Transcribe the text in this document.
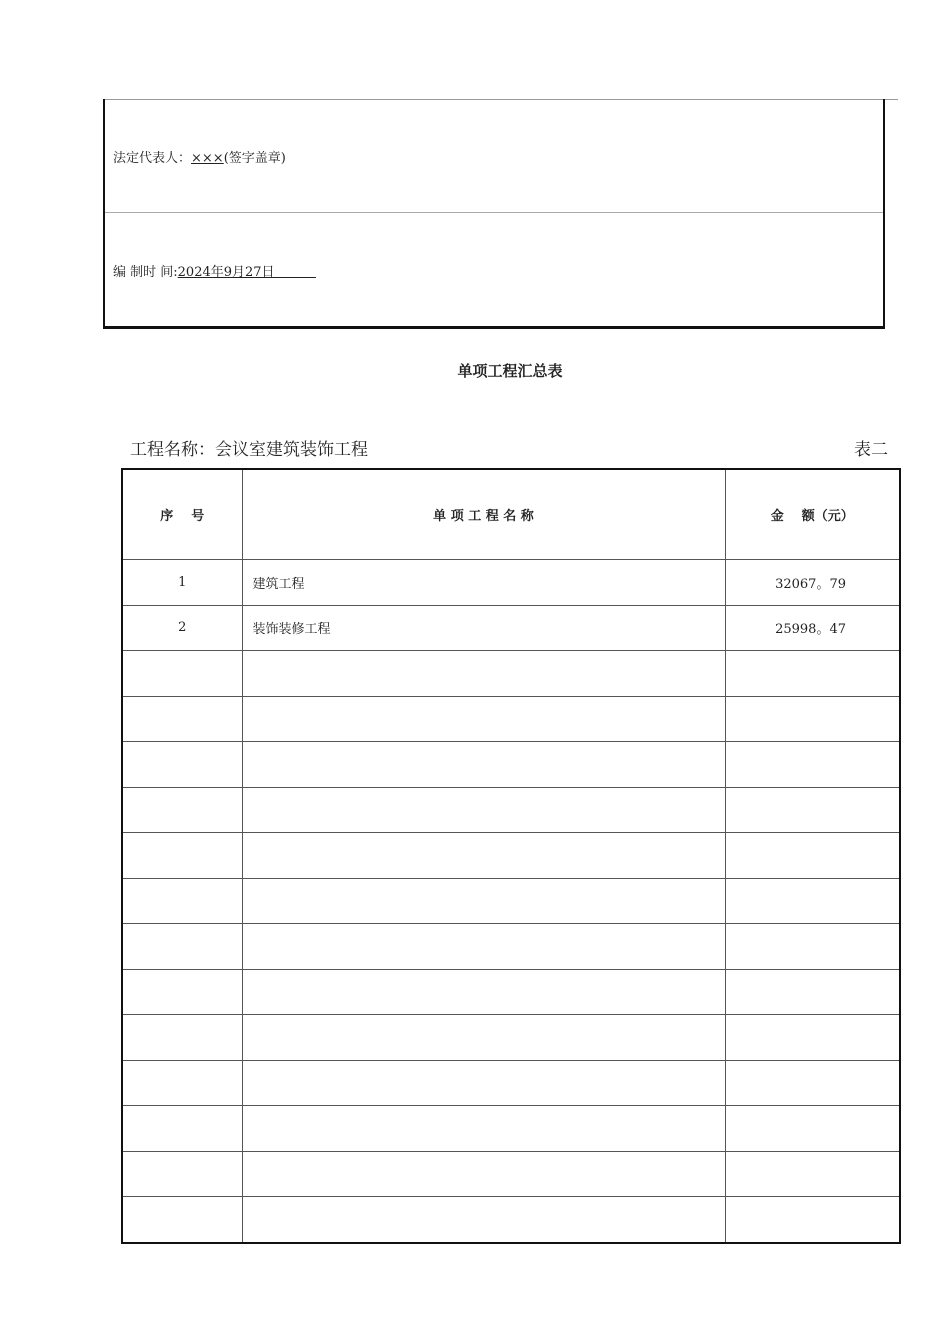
法定代表人：×××(签字盖章)
编 制时 间:2024年9月27日
单项工程汇总表
工程名称：会议室建筑装饰工程	表二
序    号	单 项 工 程 名 称	金    额（元）
1	建筑工程	32067。79
2	装饰装修工程	25998。47
